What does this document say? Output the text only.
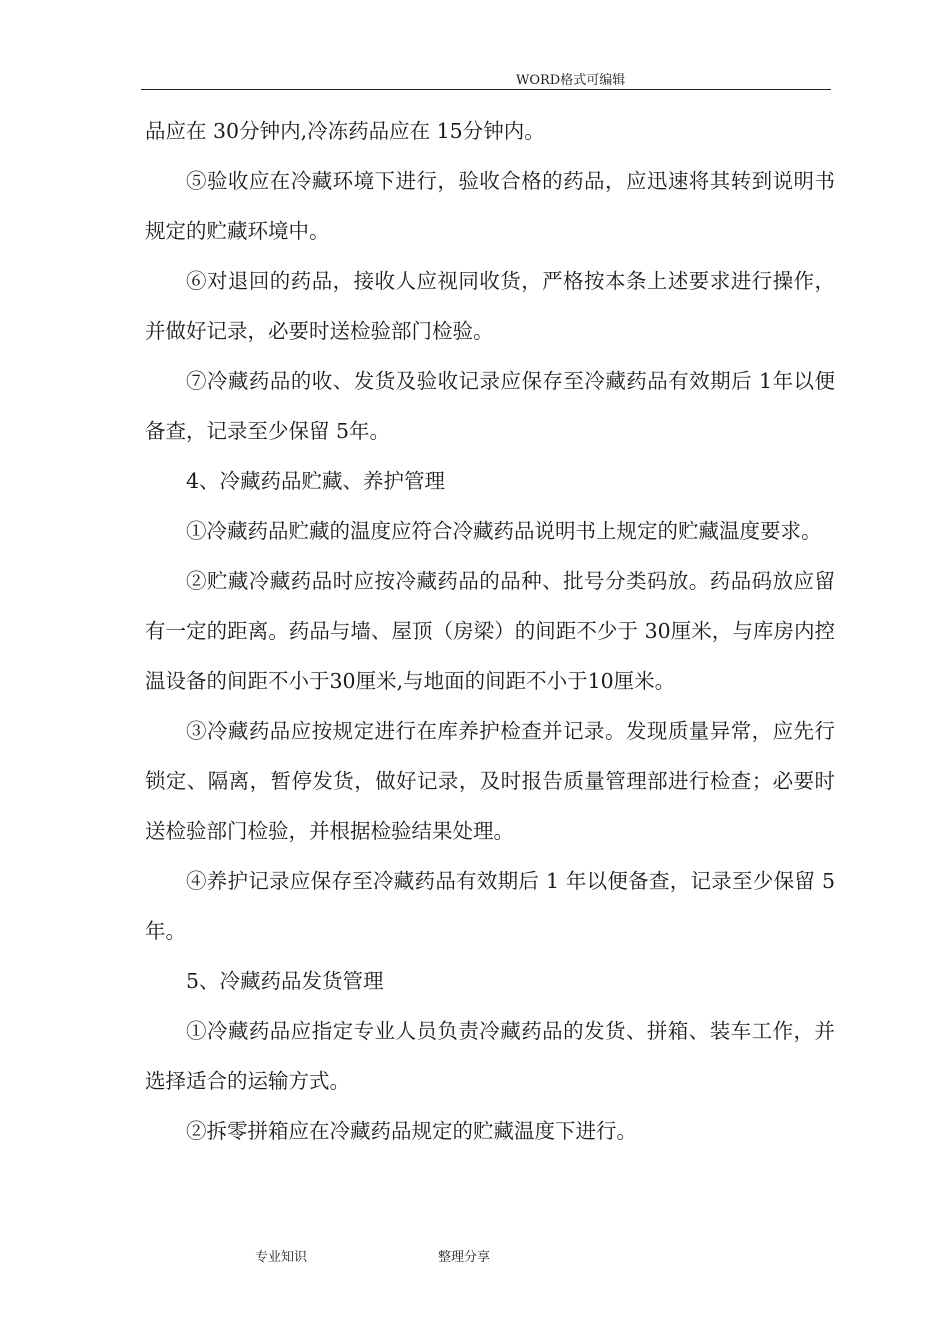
WORD格式可编辑

品应在 30分钟内,冷冻药品应在 15分钟内。

⑤验收应在冷藏环境下进行，验收合格的药品，应迅速将其转到说明书规定的贮藏环境中。

⑥对退回的药品，接收人应视同收货，严格按本条上述要求进行操作，并做好记录，必要时送检验部门检验。

⑦冷藏药品的收、发货及验收记录应保存至冷藏药品有效期后 1年以便备查，记录至少保留 5年。

4、冷藏药品贮藏、养护管理

①冷藏药品贮藏的温度应符合冷藏药品说明书上规定的贮藏温度要求。

②贮藏冷藏药品时应按冷藏药品的品种、批号分类码放。药品码放应留有一定的距离。药品与墙、屋顶（房梁）的间距不少于 30厘米，与库房内控温设备的间距不小于30厘米,与地面的间距不小于10厘米。

③冷藏药品应按规定进行在库养护检查并记录。发现质量异常，应先行锁定、隔离，暂停发货，做好记录，及时报告质量管理部进行检查；必要时送检验部门检验，并根据检验结果处理。

④养护记录应保存至冷藏药品有效期后 1 年以便备查，记录至少保留 5年。

5、冷藏药品发货管理

①冷藏药品应指定专业人员负责冷藏药品的发货、拼箱、装车工作，并选择适合的运输方式。

②拆零拼箱应在冷藏药品规定的贮藏温度下进行。

专业知识	整理分享
